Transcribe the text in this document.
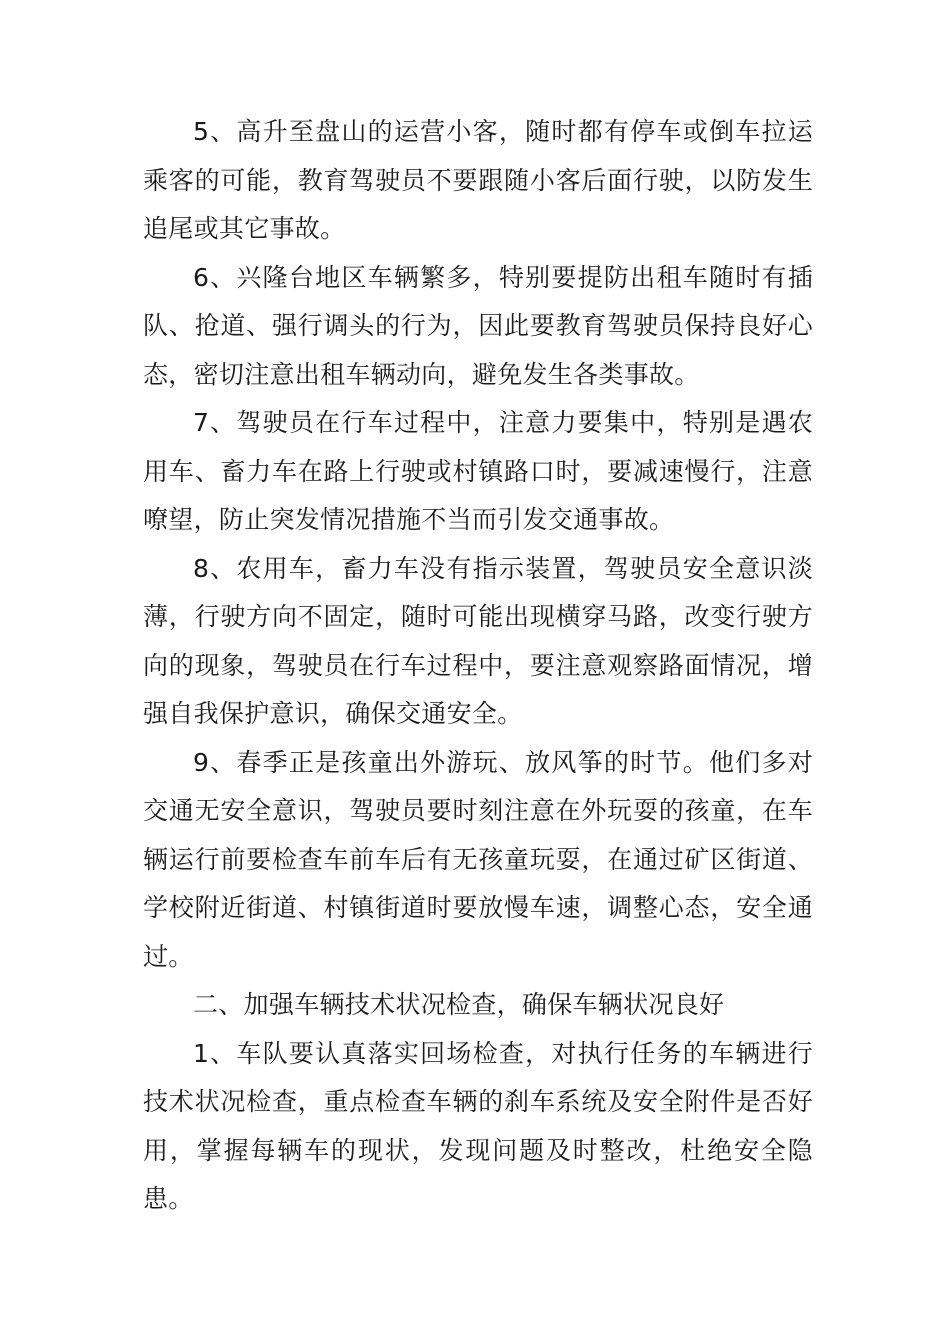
5、高升至盘山的运营小客，随时都有停车或倒车拉运乘客的可能，教育驾驶员不要跟随小客后面行驶，以防发生追尾或其它事故。

6、兴隆台地区车辆繁多，特别要提防出租车随时有插队、抢道、强行调头的行为，因此要教育驾驶员保持良好心态，密切注意出租车辆动向，避免发生各类事故。

7、驾驶员在行车过程中，注意力要集中，特别是遇农用车、畜力车在路上行驶或村镇路口时，要减速慢行，注意嘹望，防止突发情况措施不当而引发交通事故。

8、农用车，畜力车没有指示装置，驾驶员安全意识淡薄，行驶方向不固定，随时可能出现横穿马路，改变行驶方向的现象，驾驶员在行车过程中，要注意观察路面情况，增强自我保护意识，确保交通安全。

9、春季正是孩童出外游玩、放风筝的时节。他们多对交通无安全意识，驾驶员要时刻注意在外玩耍的孩童，在车辆运行前要检查车前车后有无孩童玩耍，在通过矿区街道、学校附近街道、村镇街道时要放慢车速，调整心态，安全通过。

二、加强车辆技术状况检查，确保车辆状况良好

1、车队要认真落实回场检查，对执行任务的车辆进行技术状况检查，重点检查车辆的刹车系统及安全附件是否好用，掌握每辆车的现状，发现问题及时整改，杜绝安全隐患。
